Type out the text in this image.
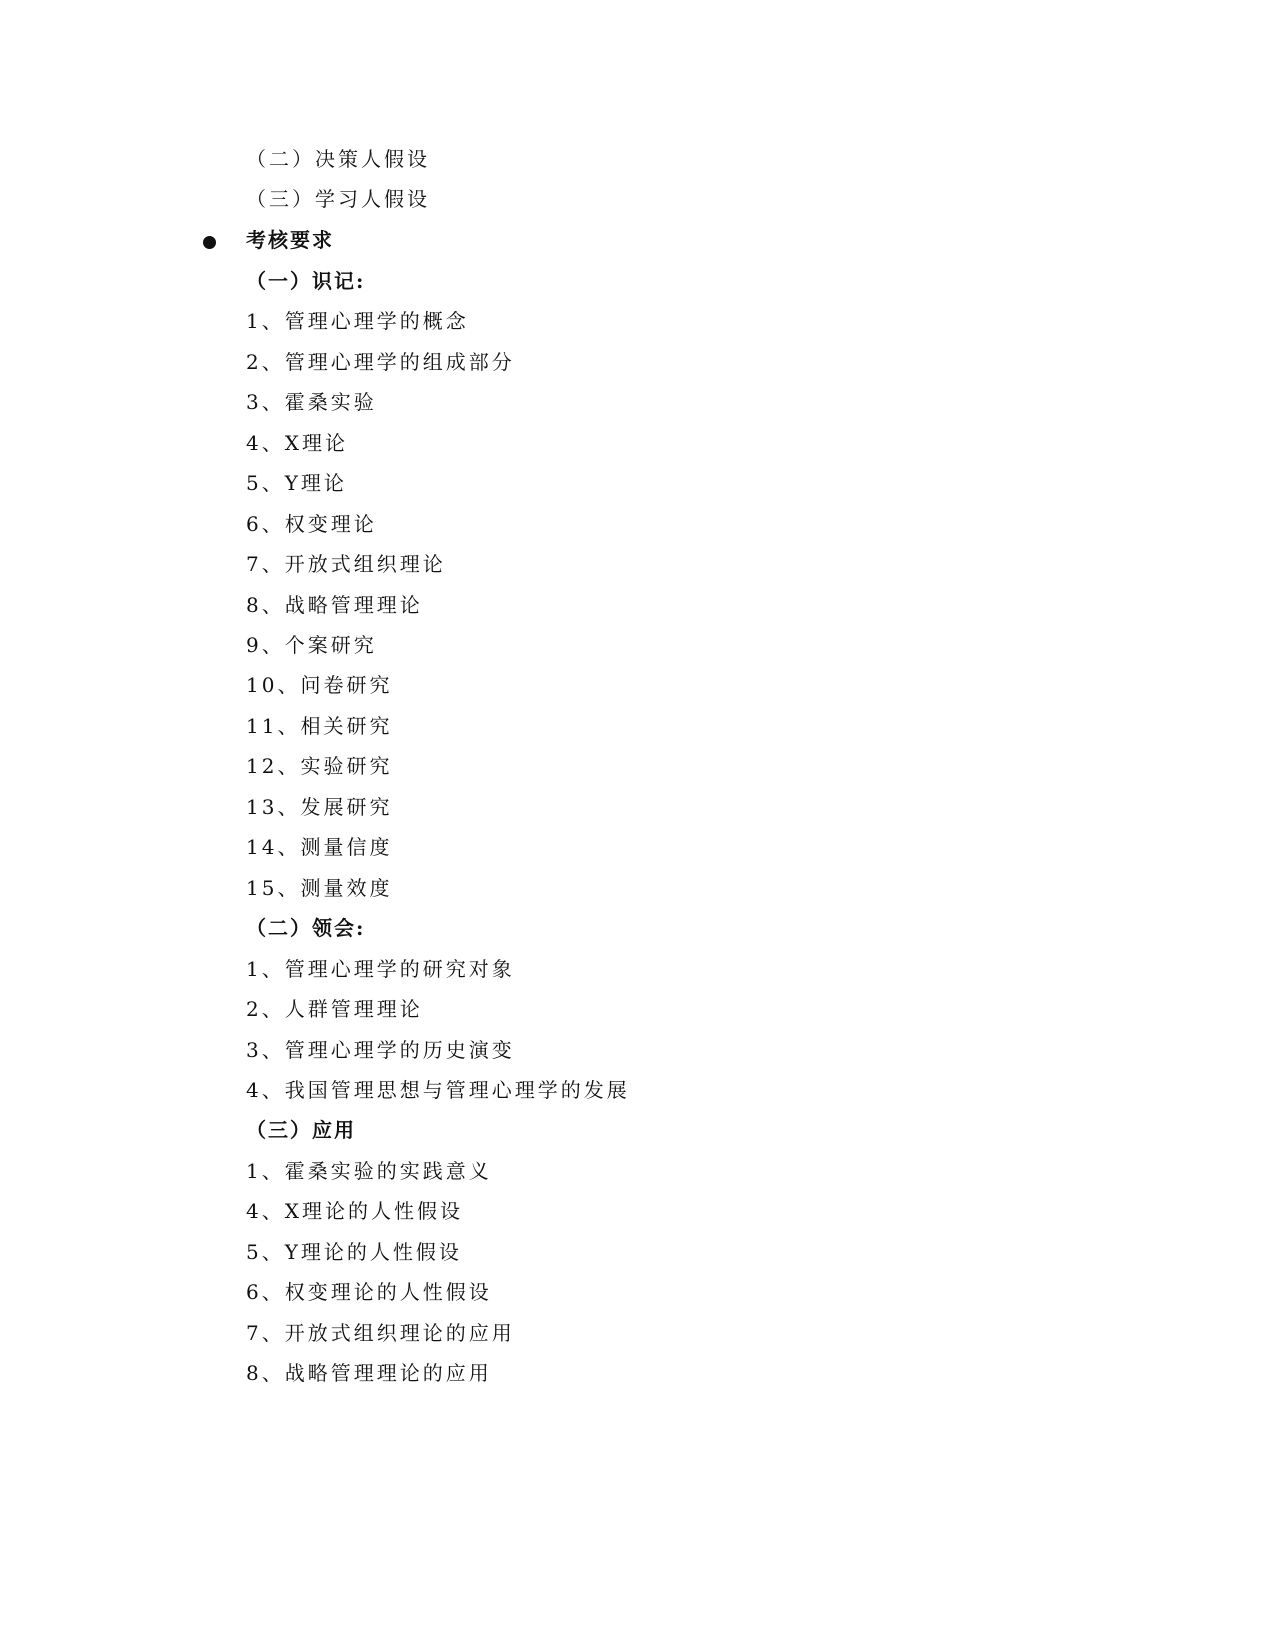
（二）决策人假设
（三）学习人假设
考核要求
（一）识记:
1、管理心理学的概念
2、管理心理学的组成部分
3、霍桑实验
4、X理论
5、Y理论
6、权变理论
7、开放式组织理论
8、战略管理理论
9、个案研究
10、问卷研究
11、相关研究
12、实验研究
13、发展研究
14、测量信度
15、测量效度
（二）领会:
1、管理心理学的研究对象
2、人群管理理论
3、管理心理学的历史演变
4、我国管理思想与管理心理学的发展
（三）应用
1、霍桑实验的实践意义
4、X理论的人性假设
5、Y理论的人性假设
6、权变理论的人性假设
7、开放式组织理论的应用
8、战略管理理论的应用
